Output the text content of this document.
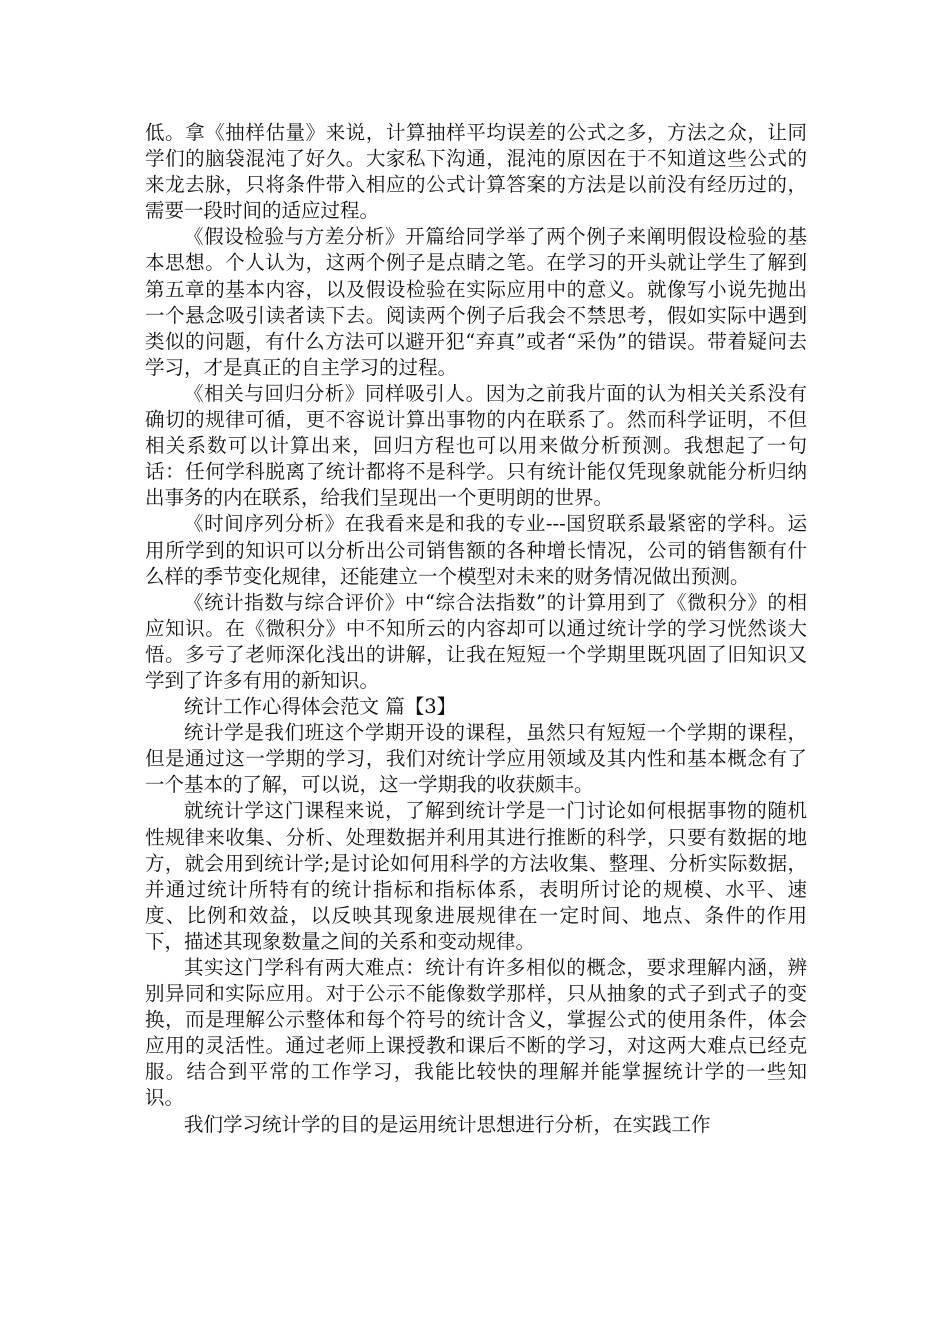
低。拿《抽样估量》来说，计算抽样平均误差的公式之多，方法之众，让同学们的脑袋混沌了好久。大家私下沟通，混沌的原因在于不知道这些公式的来龙去脉，只将条件带入相应的公式计算答案的方法是以前没有经历过的，需要一段时间的适应过程。

《假设检验与方差分析》开篇给同学举了两个例子来阐明假设检验的基本思想。个人认为，这两个例子是点睛之笔。在学习的开头就让学生了解到第五章的基本内容，以及假设检验在实际应用中的意义。就像写小说先抛出一个悬念吸引读者读下去。阅读两个例子后我会不禁思考，假如实际中遇到类似的问题，有什么方法可以避开犯“弃真”或者“采伪”的错误。带着疑问去学习，才是真正的自主学习的过程。

《相关与回归分析》同样吸引人。因为之前我片面的认为相关关系没有确切的规律可循，更不容说计算出事物的内在联系了。然而科学证明，不但相关系数可以计算出来，回归方程也可以用来做分析预测。我想起了一句话：任何学科脱离了统计都将不是科学。只有统计能仅凭现象就能分析归纳出事务的内在联系，给我们呈现出一个更明朗的世界。

《时间序列分析》在我看来是和我的专业---国贸联系最紧密的学科。运用所学到的知识可以分析出公司销售额的各种增长情况，公司的销售额有什么样的季节变化规律，还能建立一个模型对未来的财务情况做出预测。

《统计指数与综合评价》中“综合法指数”的计算用到了《微积分》的相应知识。在《微积分》中不知所云的内容却可以通过统计学的学习恍然谈大悟。多亏了老师深化浅出的讲解，让我在短短一个学期里既巩固了旧知识又学到了许多有用的新知识。

统计工作心得体会范文 篇【3】

统计学是我们班这个学期开设的课程，虽然只有短短一个学期的课程，但是通过这一学期的学习，我们对统计学应用领域及其内性和基本概念有了一个基本的了解，可以说，这一学期我的收获颇丰。

就统计学这门课程来说，了解到统计学是一门讨论如何根据事物的随机性规律来收集、分析、处理数据并利用其进行推断的科学，只要有数据的地方，就会用到统计学;是讨论如何用科学的方法收集、整理、分析实际数据，并通过统计所特有的统计指标和指标体系，表明所讨论的规模、水平、速度、比例和效益，以反映其现象进展规律在一定时间、地点、条件的作用下，描述其现象数量之间的关系和变动规律。

其实这门学科有两大难点：统计有许多相似的概念，要求理解内涵，辨别异同和实际应用。对于公示不能像数学那样，只从抽象的式子到式子的变换，而是理解公示整体和每个符号的统计含义，掌握公式的使用条件，体会应用的灵活性。通过老师上课授教和课后不断的学习，对这两大难点已经克服。结合到平常的工作学习，我能比较快的理解并能掌握统计学的一些知识。

我们学习统计学的目的是运用统计思想进行分析，在实践工作
